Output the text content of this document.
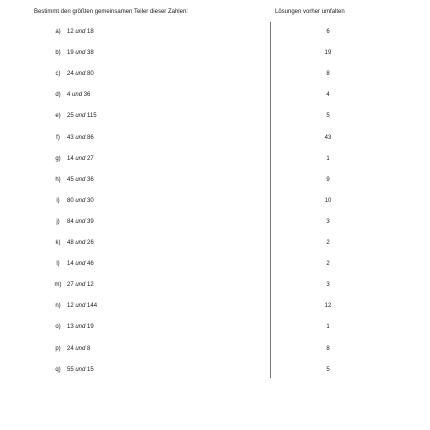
Bestimmt den größten gemeinsamen Teiler dieser Zahlen:	Lösungen vorher umfalten
a)	12 und 18	6
b)	19 und 38	19
c)	24 und 80	8
d)	4 und 36	4
e)	25 und 115	5
f)	43 und 86	43
g)	14 und 27	1
h)	45 und 36	9
i)	80 und 30	10
j)	84 und 39	3
k)	48 und 26	2
l)	14 und 46	2
m) 27 und 12	3
n)	12 und 144	12
o)	13 und 19	1
p)	24 und 8	8
q)	55 und 15	5
